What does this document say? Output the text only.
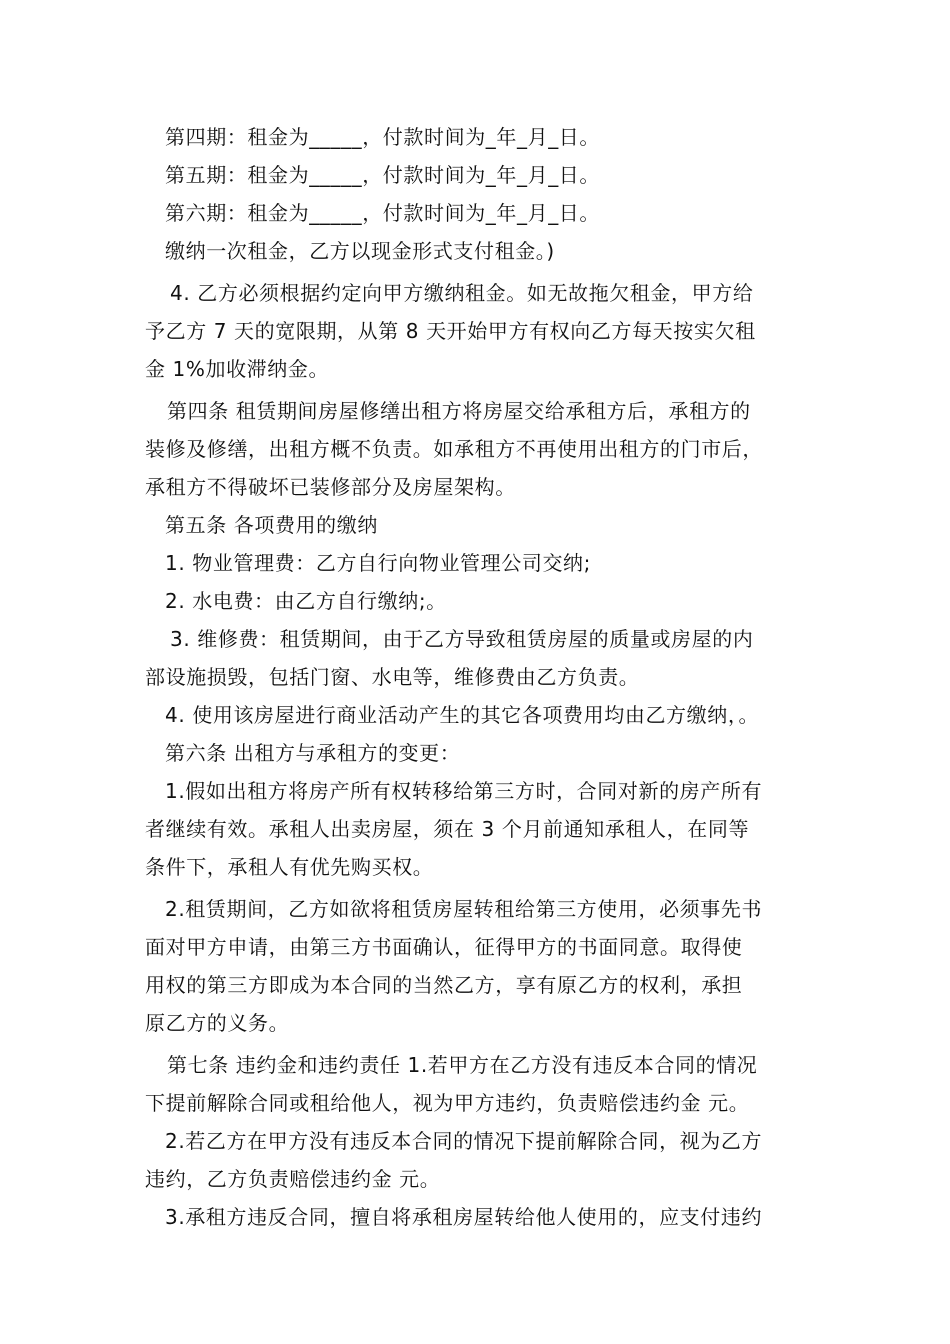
第四期：租金为_____，付款时间为_年_月_日。
第五期：租金为_____，付款时间为_年_月_日。
第六期：租金为_____，付款时间为_年_月_日。
缴纳一次租金，乙方以现金形式支付租金。)
4. 乙方必须根据约定向甲方缴纳租金。如无故拖欠租金，甲方给
予乙方 7 天的宽限期，从第 8 天开始甲方有权向乙方每天按实欠租
金 1%加收滞纳金。
第四条 租赁期间房屋修缮出租方将房屋交给承租方后，承租方的
装修及修缮，出租方概不负责。如承租方不再使用出租方的门市后，
承租方不得破坏已装修部分及房屋架构。
第五条 各项费用的缴纳
1. 物业管理费：乙方自行向物业管理公司交纳;
2. 水电费：由乙方自行缴纳;。
3. 维修费：租赁期间，由于乙方导致租赁房屋的质量或房屋的内
部设施损毁，包括门窗、水电等，维修费由乙方负责。
4. 使用该房屋进行商业活动产生的其它各项费用均由乙方缴纳，。
第六条 出租方与承租方的变更：
1.假如出租方将房产所有权转移给第三方时，合同对新的房产所有
者继续有效。承租人出卖房屋，须在 3 个月前通知承租人，在同等
条件下，承租人有优先购买权。
2.租赁期间，乙方如欲将租赁房屋转租给第三方使用，必须事先书
面对甲方申请，由第三方书面确认，征得甲方的书面同意。取得使
用权的第三方即成为本合同的当然乙方，享有原乙方的权利，承担
原乙方的义务。
第七条 违约金和违约责任 1.若甲方在乙方没有违反本合同的情况
下提前解除合同或租给他人，视为甲方违约，负责赔偿违约金 元。
2.若乙方在甲方没有违反本合同的情况下提前解除合同，视为乙方
违约，乙方负责赔偿违约金 元。
3.承租方违反合同，擅自将承租房屋转给他人使用的，应支付违约
